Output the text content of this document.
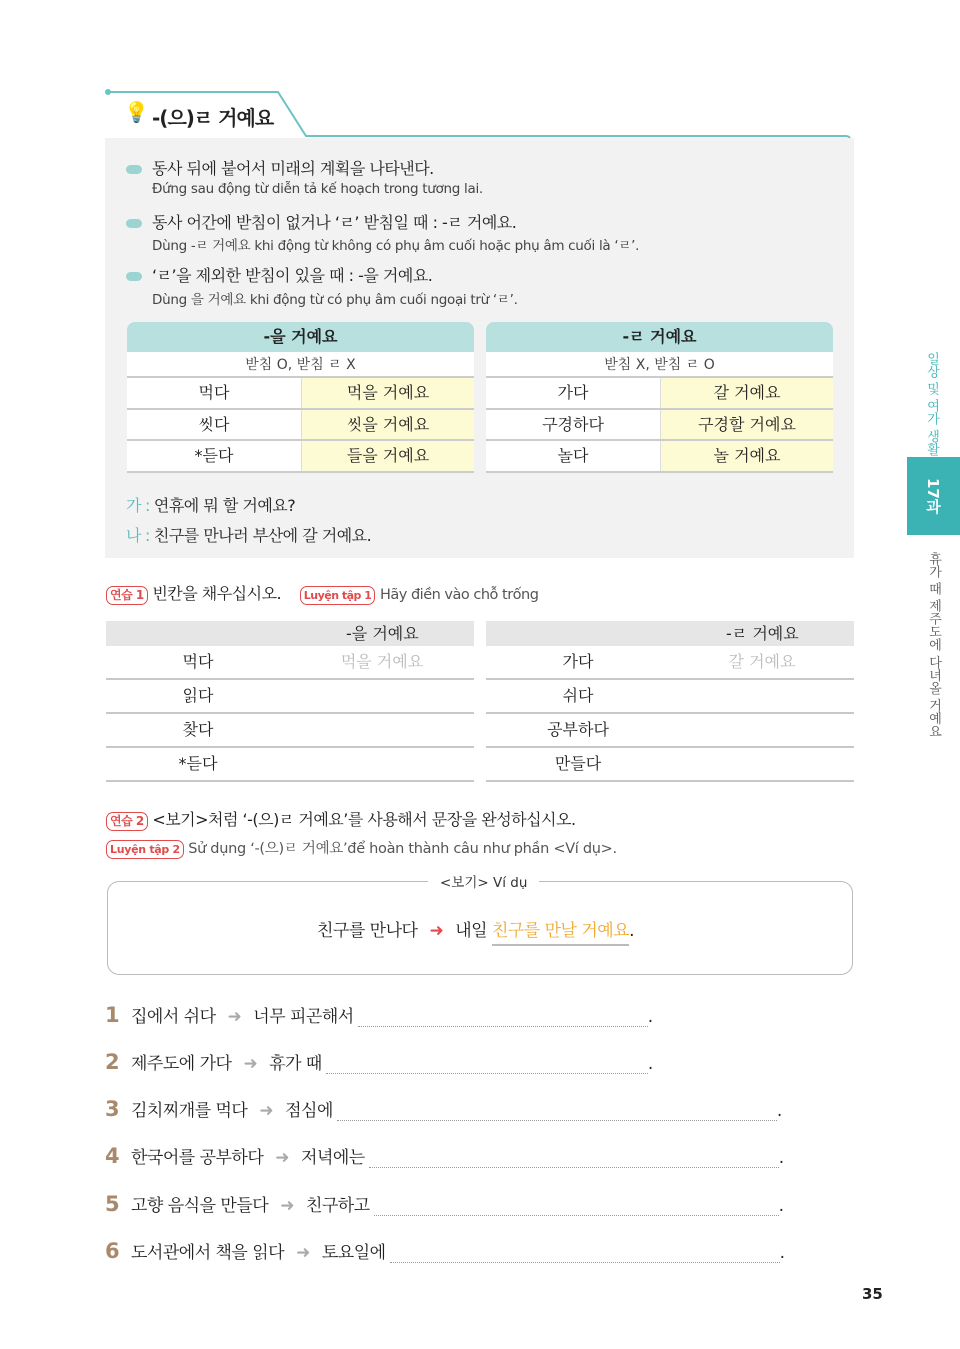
💡 -(으)ㄹ 거예요
동사 뒤에 붙어서 미래의 계획을 나타낸다.
Đứng sau động từ diễn tả kế hoạch trong tương lai.
동사 어간에 받침이 없거나 ‘ㄹ’ 받침일 때 : -ㄹ 거예요.
Dùng -ㄹ 거예요 khi động từ không có phụ âm cuối hoặc phụ âm cuối là ‘ㄹ’.
‘ㄹ’을 제외한 받침이 있을 때 : -을 거예요.
Dùng 을 거예요 khi động từ có phụ âm cuối ngoại trừ ‘ㄹ’.
-을 거예요
받침 O, 받침 ㄹ X
먹다	먹을 거예요
씻다	씻을 거예요
*듣다	들을 거예요
-ㄹ 거예요
받침 X, 받침 ㄹ O
가다	갈 거예요
구경하다	구경할 거예요
놀다	놀 거예요
가 : 연휴에 뭐 할 거예요?
나 : 친구를 만나러 부산에 갈 거예요.
연습 1 빈칸을 채우십시오. Luyện tập 1 Hãy điền vào chỗ trống
-을 거예요
먹다	먹을 거예요
읽다
찾다
*듣다
-ㄹ 거예요
가다	갈 거예요
쉬다
공부하다
만들다
연습 2 <보기>처럼 ‘-(으)ㄹ 거예요’를 사용해서 문장을 완성하십시오.
Luyện tập 2 Sử dụng ‘-(으)ㄹ 거예요’để hoàn thành câu như phần <Ví dụ>.
<보기> Ví dụ
친구를 만나다 ➜ 내일 친구를 만날 거예요.
1 집에서 쉬다 ➜ 너무 피곤해서	.
2 제주도에 가다 ➜ 휴가 때	.
3 김치찌개를 먹다 ➜ 점심에	.
4 한국어를 공부하다 ➜ 저녁에는	.
5 고향 음식을 만들다 ➜ 친구하고	.
6 도서관에서 책을 읽다 ➜ 토요일에	.
일상 및 여가 생활
17과
휴가 때 제주도에 다녀올 거예요
35
